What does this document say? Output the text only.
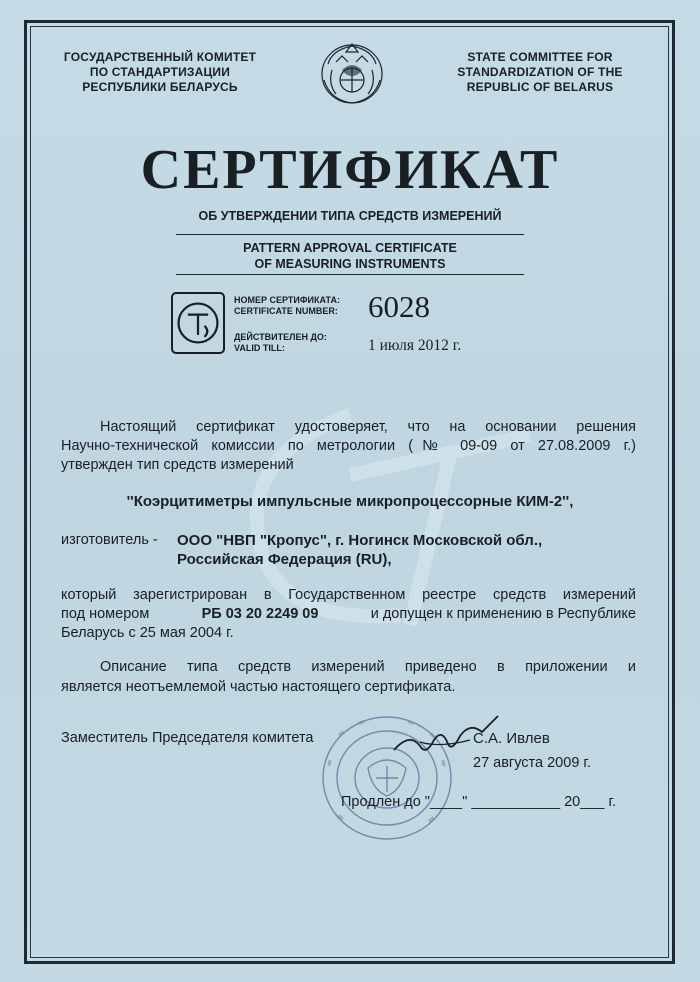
ГОСУДАРСТВЕННЫЙ КОМИТЕТ
ПО СТАНДАРТИЗАЦИИ
РЕСПУБЛИКИ БЕЛАРУСЬ
STATE COMMITTEE FOR
STANDARDIZATION OF THE
REPUBLIC OF BELARUS
СЕРТИФИКАТ
ОБ УТВЕРЖДЕНИИ ТИПА СРЕДСТВ ИЗМЕРЕНИЙ
PATTERN APPROVAL CERTIFICATE
OF MEASURING INSTRUMENTS
НОМЕР СЕРТИФИКАТА:
CERTIFICATE NUMBER: 6028
ДЕЙСТВИТЕЛЕН ДО:
VALID TILL:	1 июля 2012 г.
Настоящий сертификат удостоверяет, что на основании решения
Научно-технической комиссии по метрологии (№ 09-09 от 27.08.2009 г.)
утвержден тип средств измерений
''Коэрцитиметры импульсные микропроцессорные КИМ-2'',
изготовитель - ООО "НВП "Кропус", г. Ногинск Московской обл.,
Российская Федерация (RU),
который зарегистрирован в Государственном реестре средств измерений
под номером	РБ 03 20 2249 09	и допущен к применению в Республике
Беларусь с 25 мая 2004 г.
Описание типа средств измерений приведено в приложении и
является неотъемлемой частью настоящего сертификата.
Заместитель Председателя комитета	С.А. Ивлев
27 августа 2009 г.
Продлен до "____" ___________ 20___ г.
